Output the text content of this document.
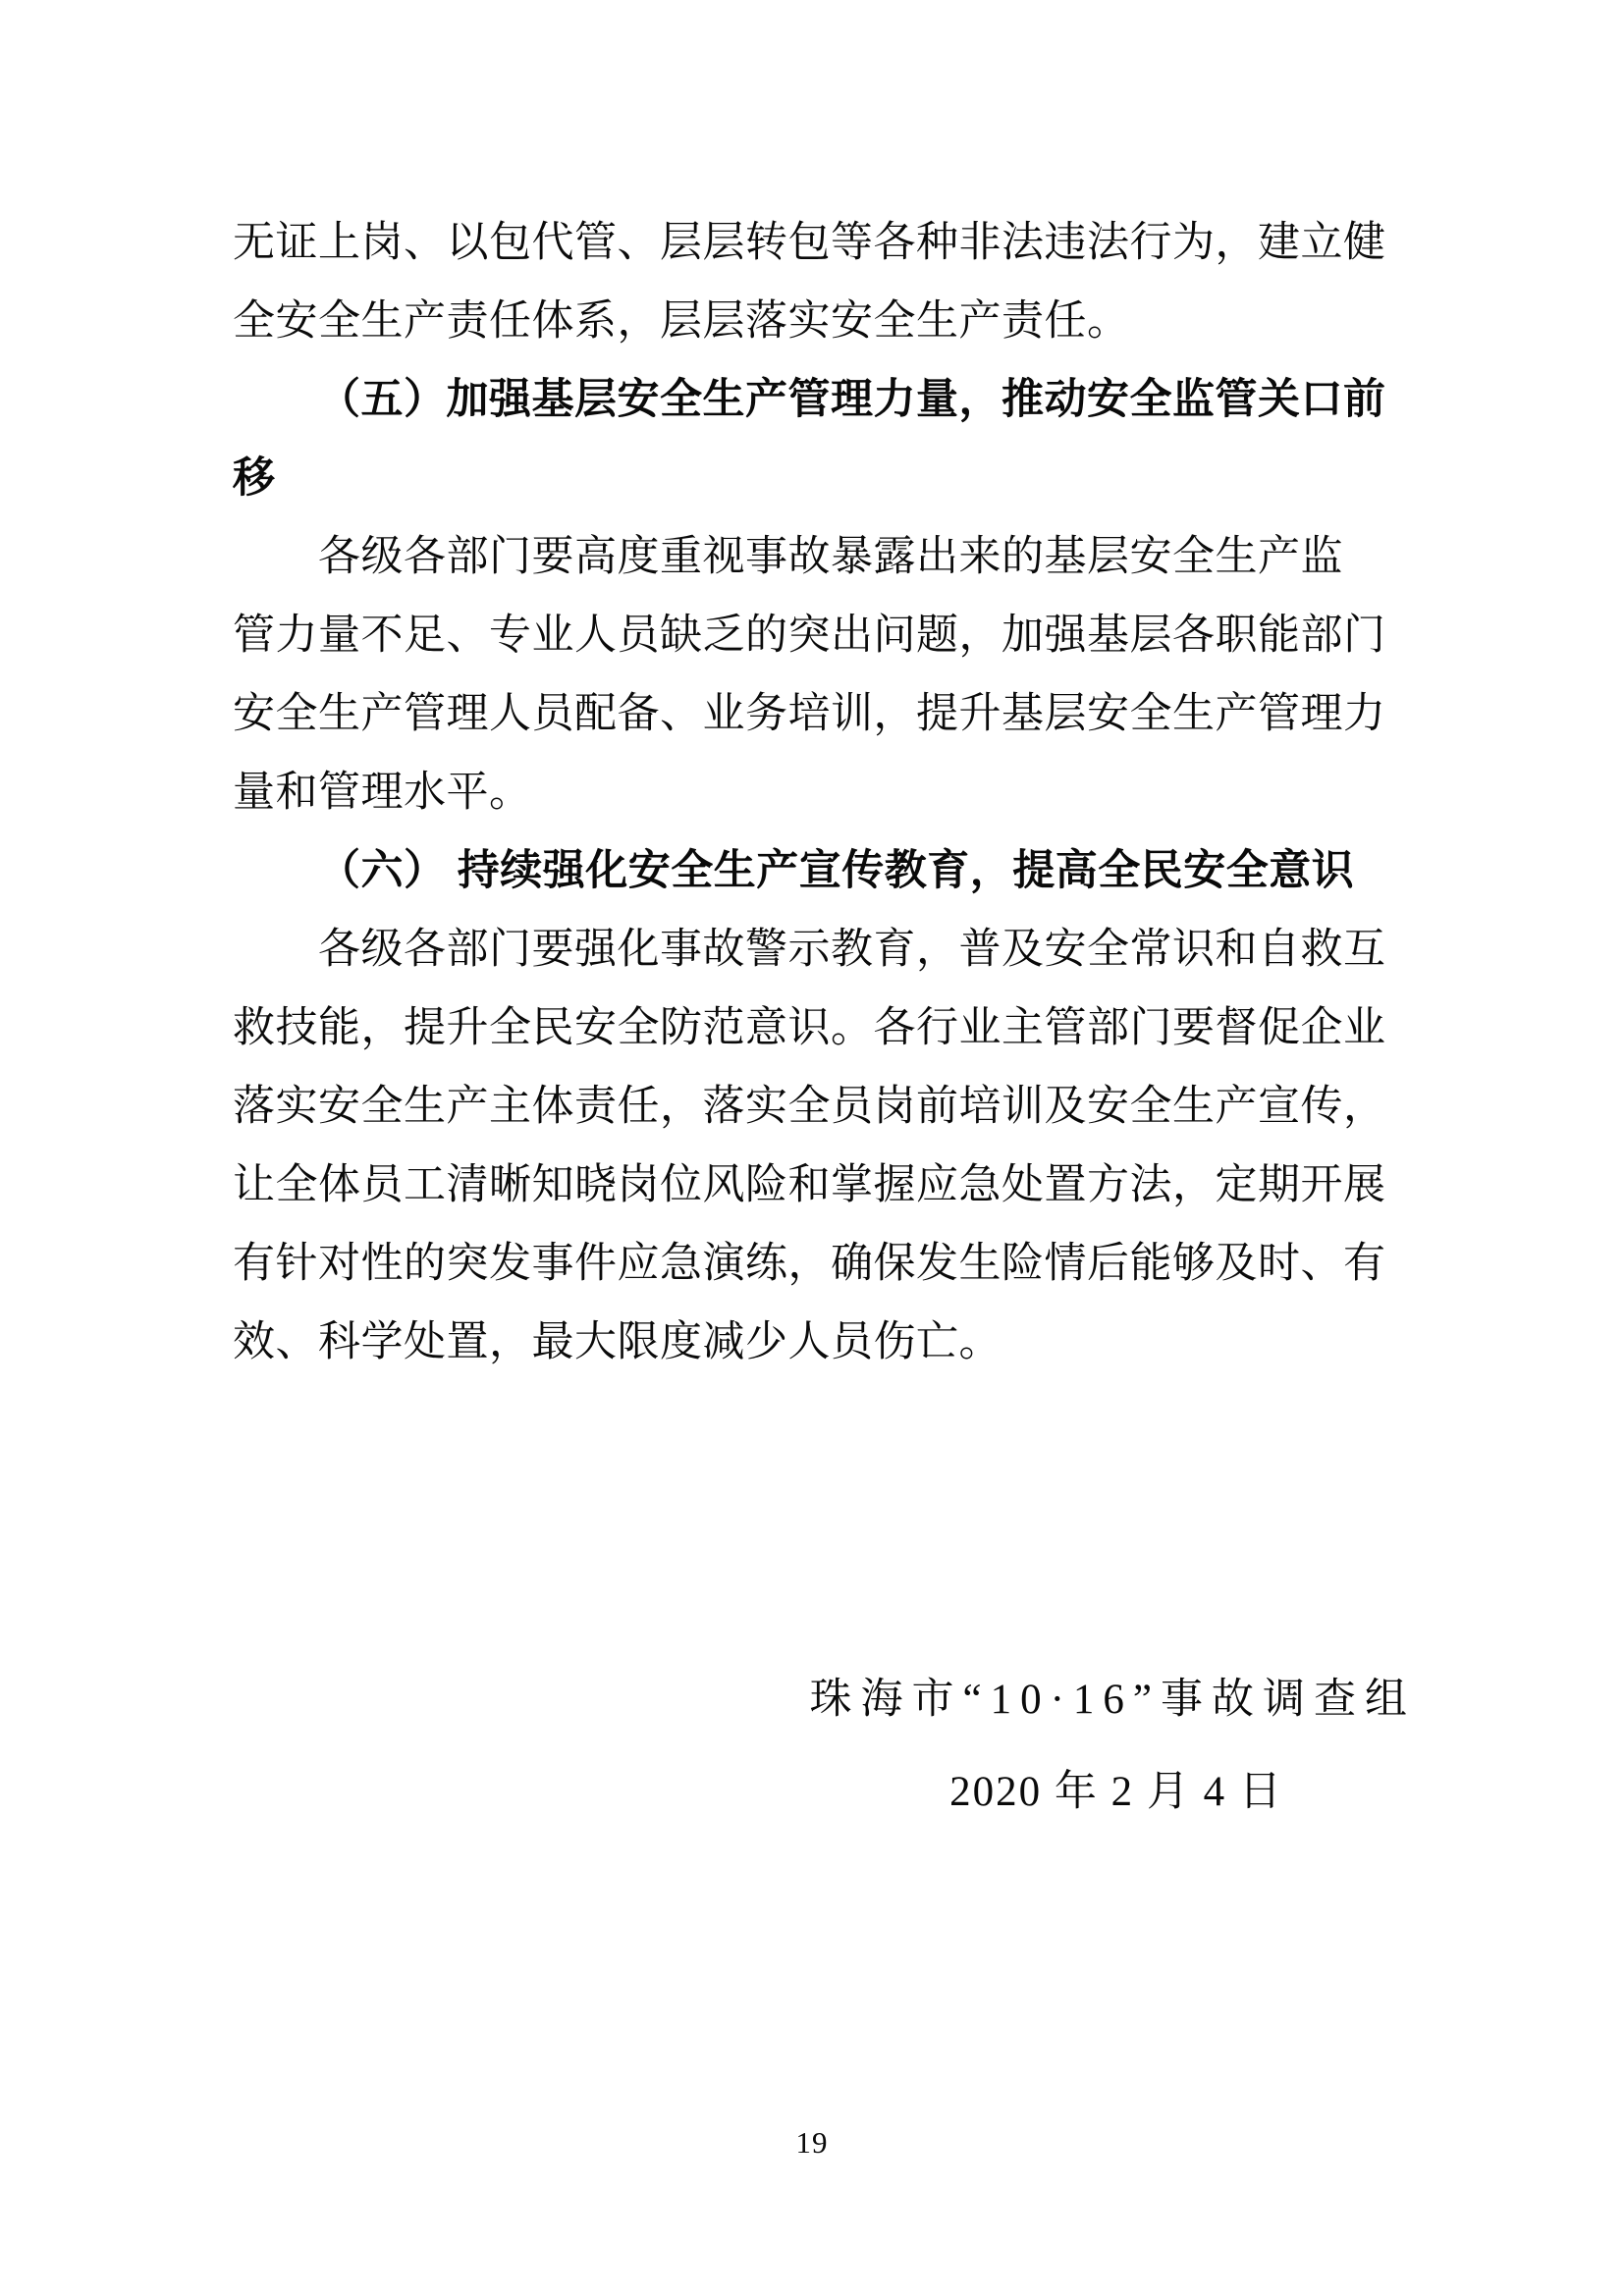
无证上岗、以包代管、层层转包等各种非法违法行为，建立健
全安全生产责任体系，层层落实安全生产责任。
（五）加强基层安全生产管理力量，推动安全监管关口前
移
各级各部门要高度重视事故暴露出来的基层安全生产监
管力量不足、专业人员缺乏的突出问题，加强基层各职能部门
安全生产管理人员配备、业务培训，提升基层安全生产管理力
量和管理水平。
（六） 持续强化安全生产宣传教育，提高全民安全意识
各级各部门要强化事故警示教育，普及安全常识和自救互
救技能，提升全民安全防范意识。各行业主管部门要督促企业
落实安全生产主体责任，落实全员岗前培训及安全生产宣传，
让全体员工清晰知晓岗位风险和掌握应急处置方法，定期开展
有针对性的突发事件应急演练，确保发生险情后能够及时、有
效、科学处置，最大限度减少人员伤亡。
珠海市“10·16”事故调查组
2020 年 2 月 4 日
19
